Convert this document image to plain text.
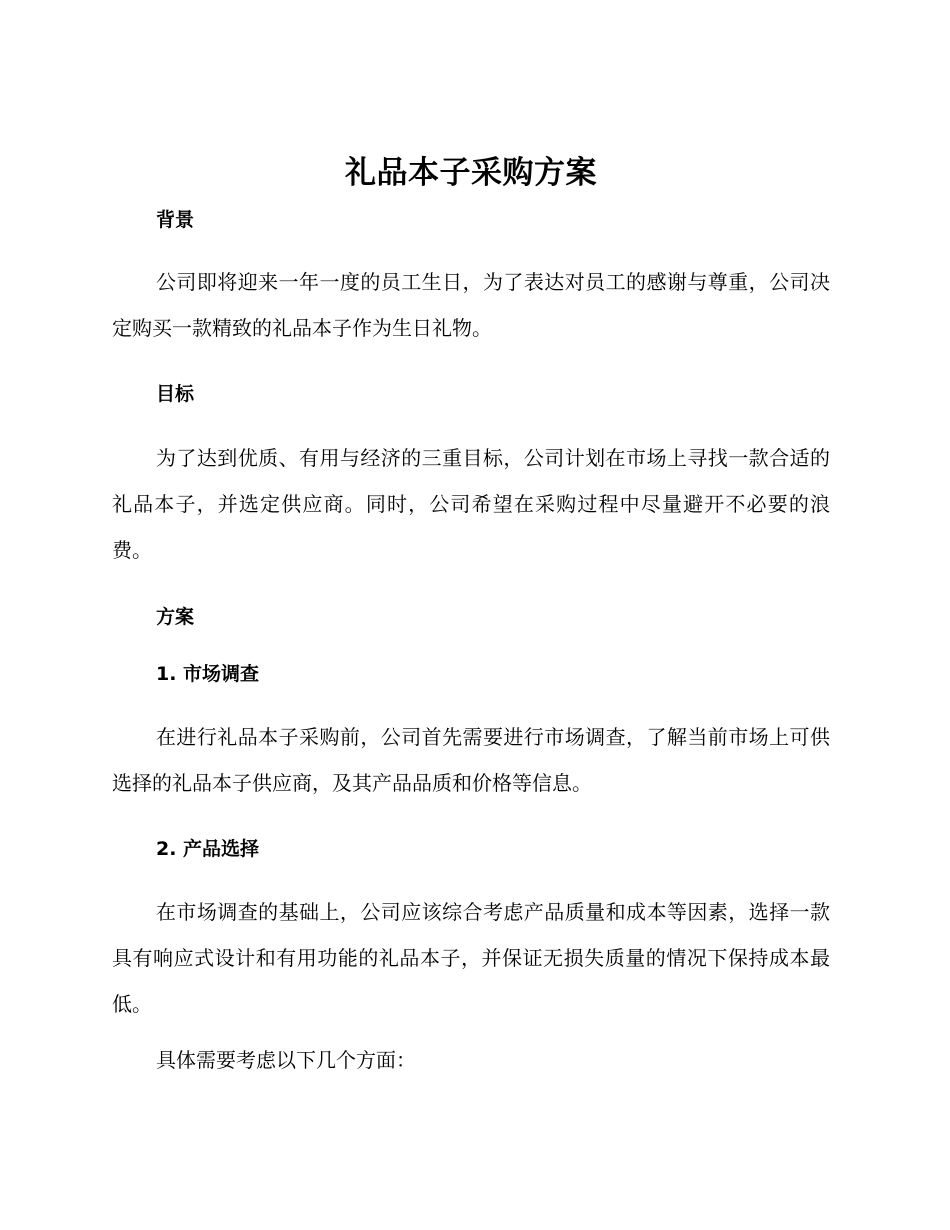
礼品本子采购方案
背景

公司即将迎来一年一度的员工生日，为了表达对员工的感谢与尊重，公司决定购买一款精致的礼品本子作为生日礼物。

目标

为了达到优质、有用与经济的三重目标，公司计划在市场上寻找一款合适的礼品本子，并选定供应商。同时，公司希望在采购过程中尽量避开不必要的浪费。

方案
1. 市场调查

在进行礼品本子采购前，公司首先需要进行市场调查，了解当前市场上可供选择的礼品本子供应商，及其产品品质和价格等信息。

2. 产品选择

在市场调查的基础上，公司应该综合考虑产品质量和成本等因素，选择一款具有响应式设计和有用功能的礼品本子，并保证无损失质量的情况下保持成本最低。

具体需要考虑以下几个方面：
